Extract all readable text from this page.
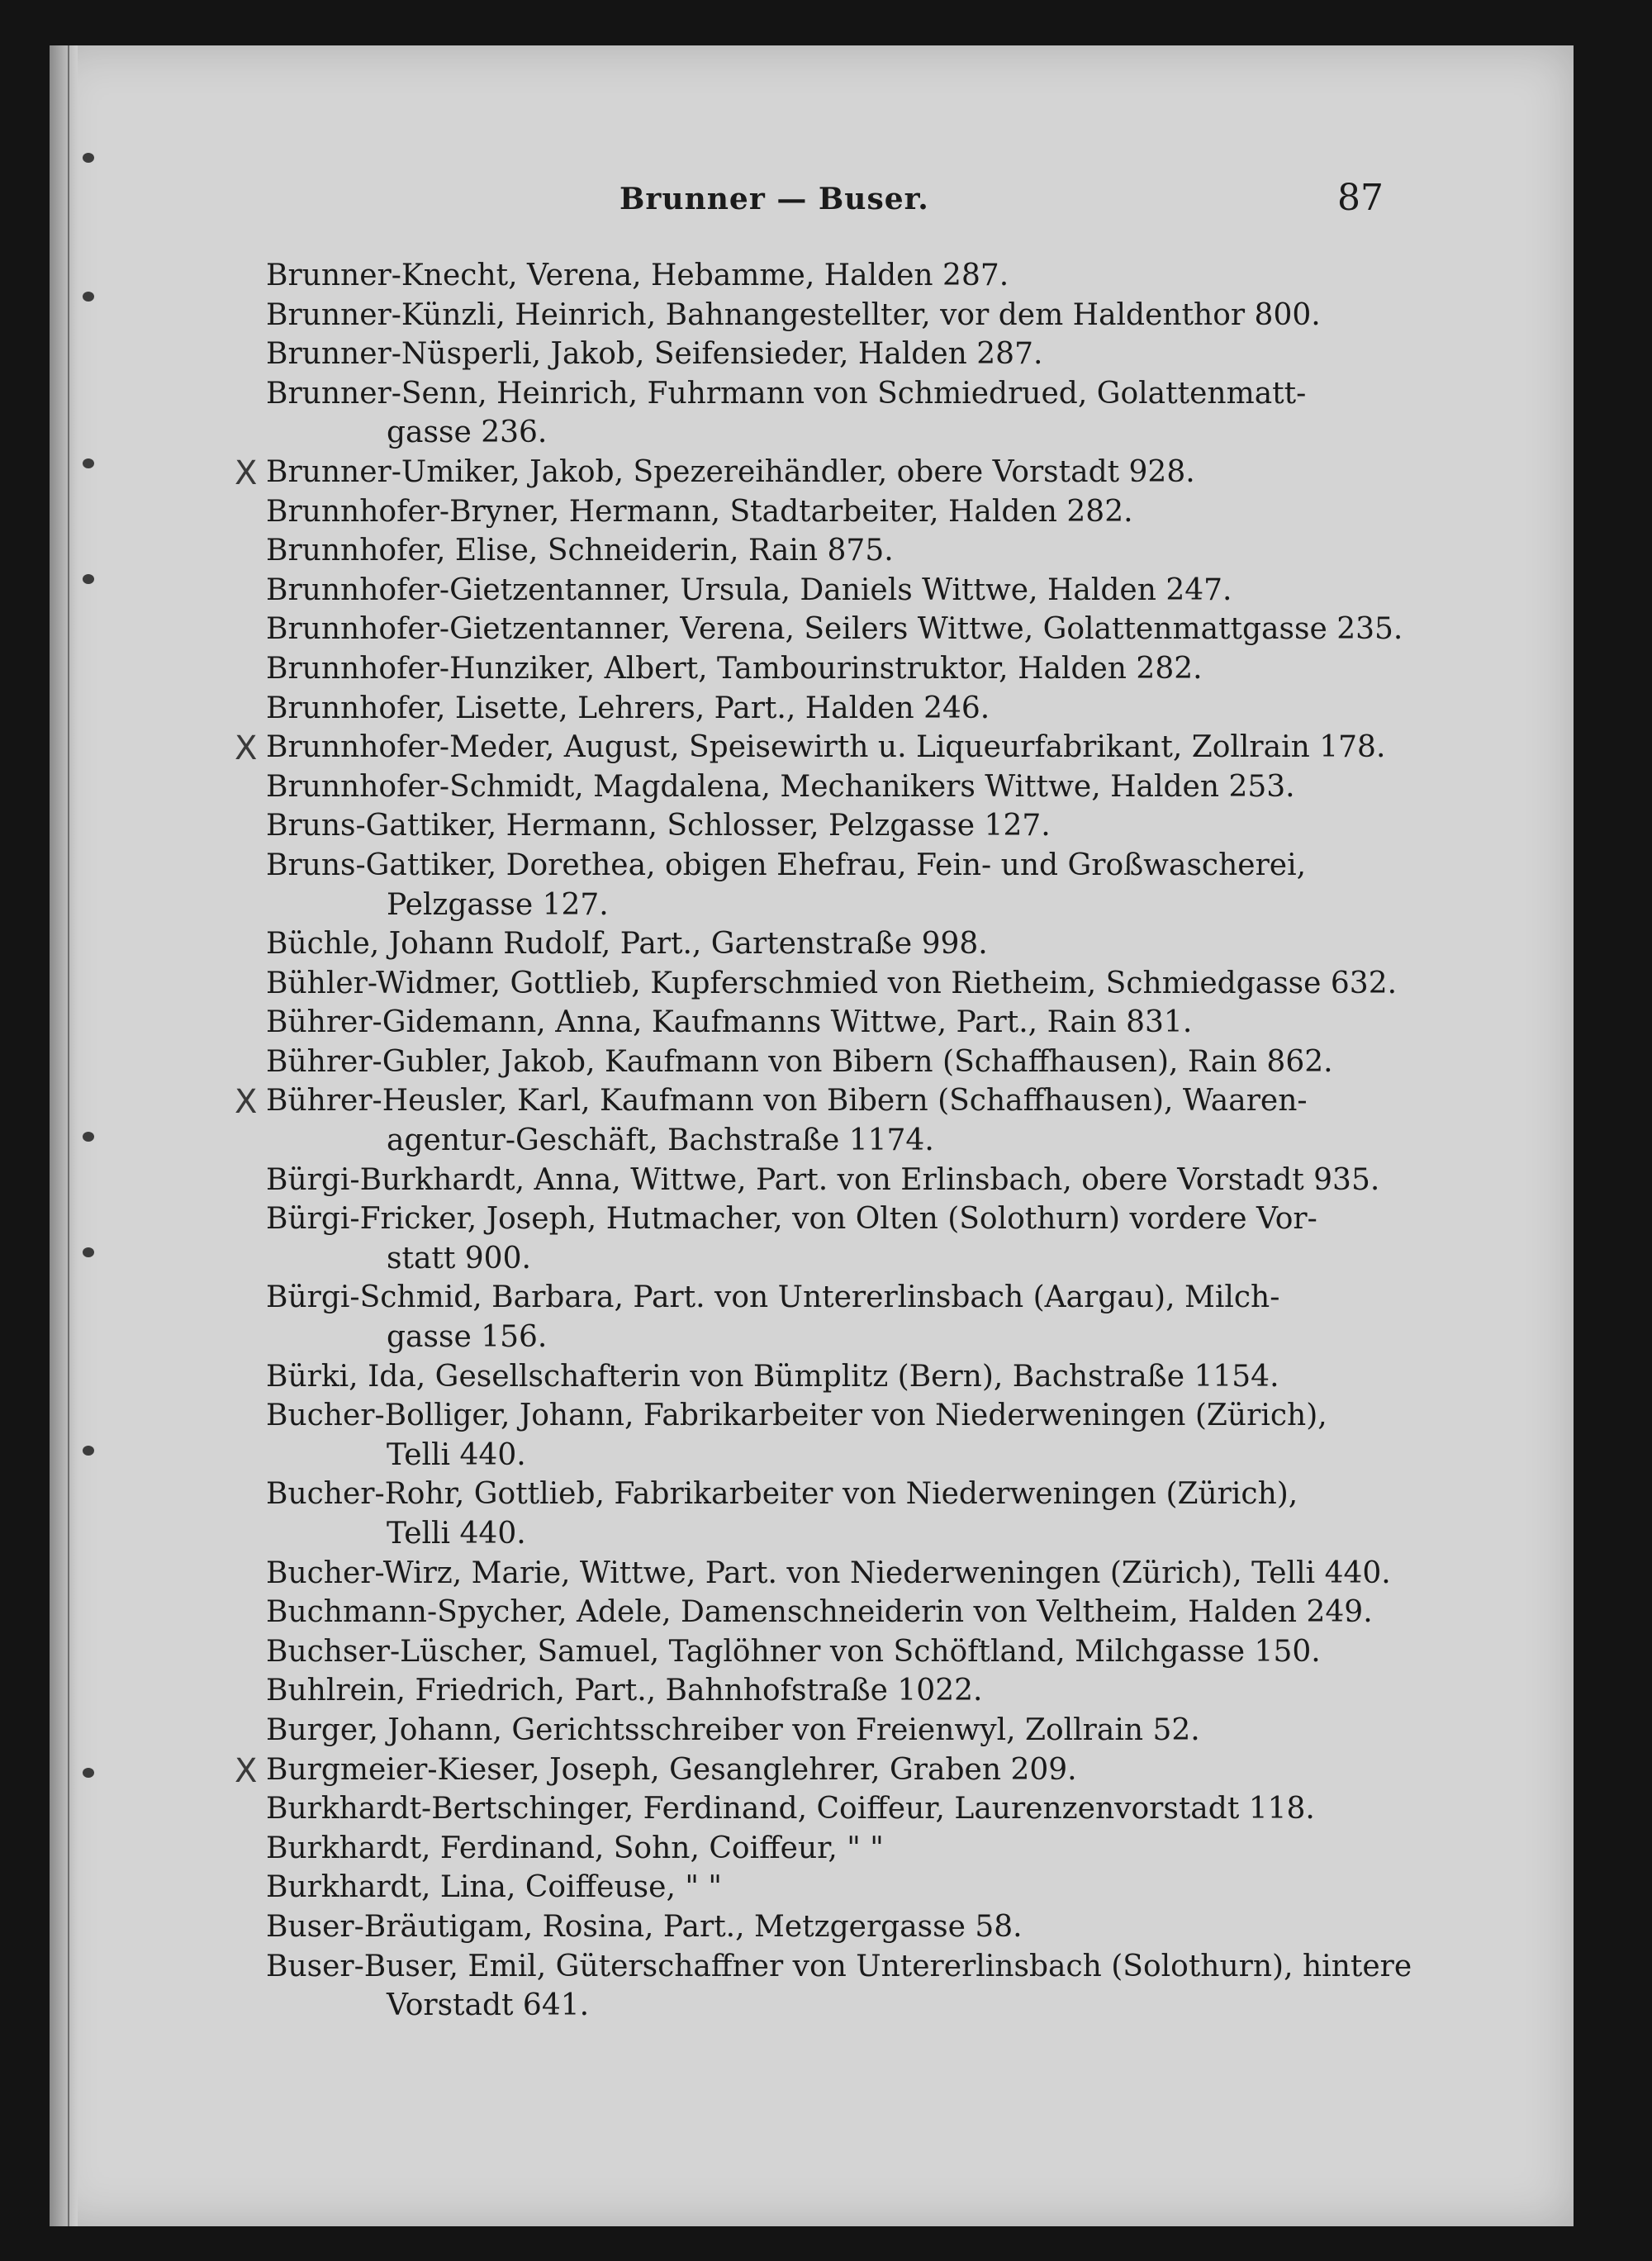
Brunner — Buser.	87
Brunner-Knecht, Verena, Hebamme, Halden 287.
Brunner-Künzli, Heinrich, Bahnangestellter, vor dem Haldenthor 800.
Brunner-Nüsperli, Jakob, Seifensieder, Halden 287.
Brunner-Senn, Heinrich, Fuhrmann von Schmiedrued, Golattenmatt-
gasse 236.
X Brunner-Umiker, Jakob, Spezereihändler, obere Vorstadt 928.
Brunnhofer-Bryner, Hermann, Stadtarbeiter, Halden 282.
Brunnhofer, Elise, Schneiderin, Rain 875.
Brunnhofer-Gietzentanner, Ursula, Daniels Wittwe, Halden 247.
Brunnhofer-Gietzentanner, Verena, Seilers Wittwe, Golattenmattgasse 235.
Brunnhofer-Hunziker, Albert, Tambourinstruktor, Halden 282.
Brunnhofer, Lisette, Lehrers, Part., Halden 246.
X Brunnhofer-Meder, August, Speisewirth u. Liqueurfabrikant, Zollrain 178.
Brunnhofer-Schmidt, Magdalena, Mechanikers Wittwe, Halden 253.
Bruns-Gattiker, Hermann, Schlosser, Pelzgasse 127.
Bruns-Gattiker, Dorethea, obigen Ehefrau, Fein- und Großwascherei,
Pelzgasse 127.
Büchle, Johann Rudolf, Part., Gartenstraße 998.
Bühler-Widmer, Gottlieb, Kupferschmied von Rietheim, Schmiedgasse 632.
Bührer-Gidemann, Anna, Kaufmanns Wittwe, Part., Rain 831.
Bührer-Gubler, Jakob, Kaufmann von Bibern (Schaffhausen), Rain 862.
X Bührer-Heusler, Karl, Kaufmann von Bibern (Schaffhausen), Waaren-
agentur-Geschäft, Bachstraße 1174.
Bürgi-Burkhardt, Anna, Wittwe, Part. von Erlinsbach, obere Vorstadt 935.
Bürgi-Fricker, Joseph, Hutmacher, von Olten (Solothurn) vordere Vor-
statt 900.
Bürgi-Schmid, Barbara, Part. von Untererlinsbach (Aargau), Milch-
gasse 156.
Bürki, Ida, Gesellschafterin von Bümplitz (Bern), Bachstraße 1154.
Bucher-Bolliger, Johann, Fabrikarbeiter von Niederweningen (Zürich),
Telli 440.
Bucher-Rohr, Gottlieb, Fabrikarbeiter von Niederweningen (Zürich),
Telli 440.
Bucher-Wirz, Marie, Wittwe, Part. von Niederweningen (Zürich), Telli 440.
Buchmann-Spycher, Adele, Damenschneiderin von Veltheim, Halden 249.
Buchser-Lüscher, Samuel, Taglöhner von Schöftland, Milchgasse 150.
Buhlrein, Friedrich, Part., Bahnhofstraße 1022.
Burger, Johann, Gerichtsschreiber von Freienwyl, Zollrain 52.
X Burgmeier-Kieser, Joseph, Gesanglehrer, Graben 209.
Burkhardt-Bertschinger, Ferdinand, Coiffeur, Laurenzenvorstadt 118.
Burkhardt, Ferdinand, Sohn, Coiffeur, " "
Burkhardt, Lina, Coiffeuse, " "
Buser-Bräutigam, Rosina, Part., Metzgergasse 58.
Buser-Buser, Emil, Güterschaffner von Untererlinsbach (Solothurn), hintere
Vorstadt 641.
